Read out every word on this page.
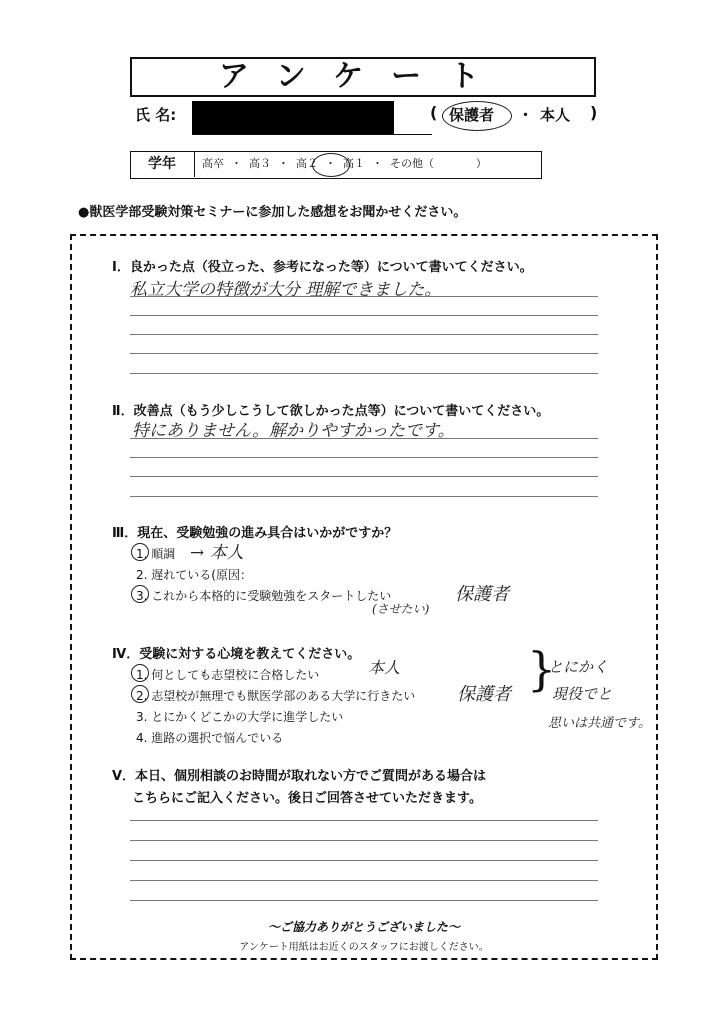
アンケート
氏 名:	( 保護者 ・ 本人 )
学年	高卒  ・  高３  ・  高２  ・  高１  ・  その他（            ）
●獣医学部受験対策セミナーに参加した感想をお聞かせください。
Ⅰ．良かった点（役立った、参考になった等）について書いてください。
私立大学の特徴が大分 理解できました。
Ⅱ．改善点（もう少しこうして欲しかった点等）について書いてください。
特にありません。解かりやすかったです。
Ⅲ．現在、受験勉強の進み具合はいかがですか？
1. 順調 → 本人
2. 遅れている(原因：
3. これから本格的に受験勉強をスタートしたい
(させたい)
保護者
Ⅳ．受験に対する心境を教えてください。
1. 何としても志望校に合格したい	本人
2. 志望校が無理でも獣医学部のある大学に行きたい 保護者
3. とにかくどこかの大学に進学したい
4. 進路の選択で悩んでいる
}
とにかく
現役でと
思いは共通です。
Ⅴ．本日、個別相談のお時間が取れない方でご質問がある場合は
こちらにご記入ください。後日ご回答させていただきます。
～ご協力ありがとうございました～
アンケート用紙はお近くのスタッフにお渡しください。
